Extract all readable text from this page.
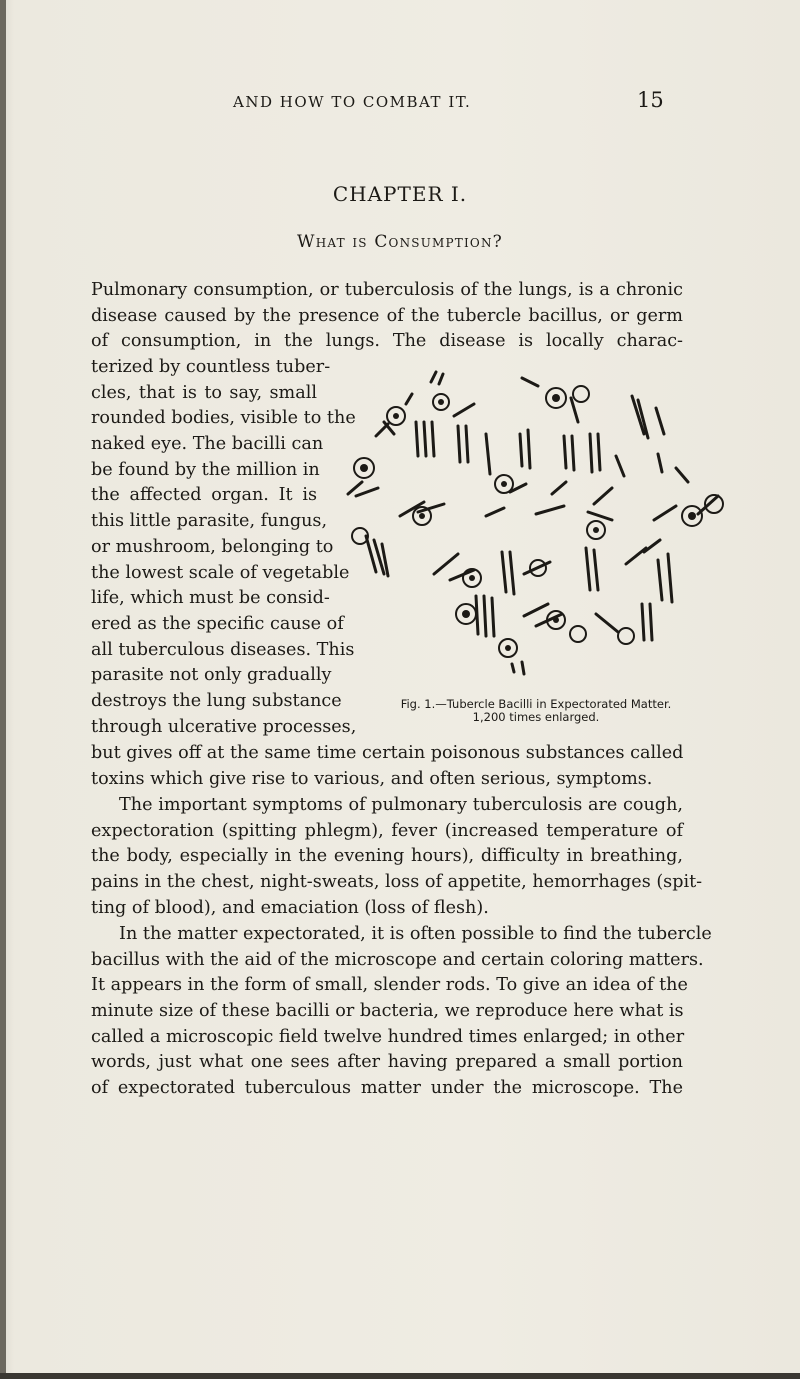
AND HOW TO COMBAT IT.	15
CHAPTER I.
What is Consumption?
Pulmonary consumption, or tuberculosis of the lungs, is a chronic
disease caused by the presence of the tubercle bacillus, or germ
of consumption, in the lungs. The disease is locally charac-
terized by countless tuber-
cles, that is to say, small
rounded bodies, visible to the
naked eye. The bacilli can
be found by the million in
the affected organ. It is
this little parasite, fungus,
or mushroom, belonging to
the lowest scale of vegetable
life, which must be consid-
ered as the specific cause of
all tuberculous diseases. This
parasite not only gradually
destroys the lung substance
through ulcerative processes,
Fig. 1.—Tubercle Bacilli in Expectorated Matter.
1,200 times enlarged.
but gives off at the same time certain poisonous substances called
toxins which give rise to various, and often serious, symptoms.
The important symptoms of pulmonary tuberculosis are cough,
expectoration (spitting phlegm), fever (increased temperature of
the body, especially in the evening hours), difficulty in breathing,
pains in the chest, night-sweats, loss of appetite, hemorrhages (spit-
ting of blood), and emaciation (loss of flesh).
In the matter expectorated, it is often possible to find the tubercle
bacillus with the aid of the microscope and certain coloring matters.
It appears in the form of small, slender rods. To give an idea of the
minute size of these bacilli or bacteria, we reproduce here what is
called a microscopic field twelve hundred times enlarged; in other
words, just what one sees after having prepared a small portion
of expectorated tuberculous matter under the microscope. The
